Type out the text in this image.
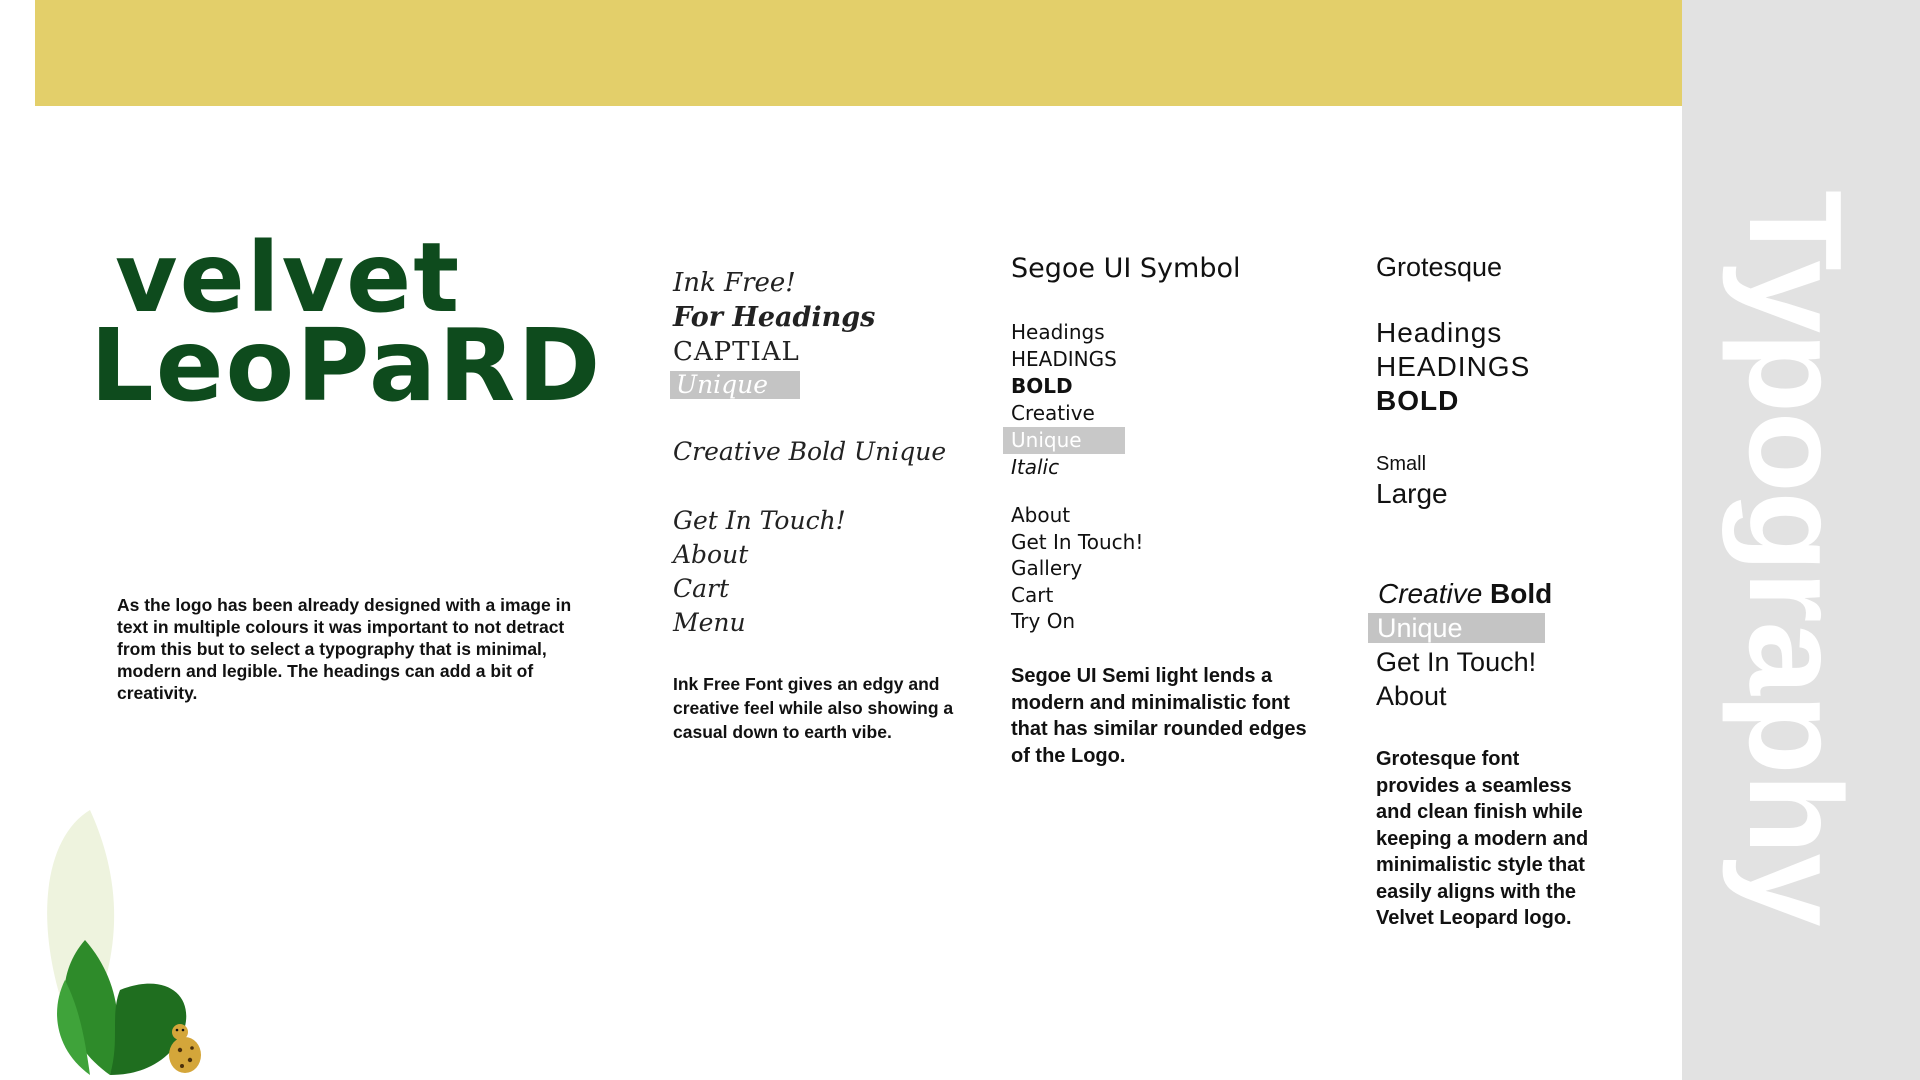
Typography
velvet
LeoPaRD
As the logo has been already designed with a image in text in multiple colours it was important to not detract from this but to select a typography that is minimal, modern and legible. The headings can add a bit of creativity.
Ink Free!
For Headings
CAPTIAL
Unique
Creative Bold Unique
Get In Touch!
About
Cart
Menu
Ink Free Font gives an edgy and creative feel while also showing a casual down to earth vibe.
Segoe UI Symbol
Headings
HEADINGS
BOLD
Creative
Unique
Italic
About
Get In Touch!
Gallery
Cart
Try On
Segoe UI Semi light lends a modern and minimalistic font that has similar rounded edges of the Logo.
Grotesque
Headings
HEADINGS
BOLD
Small
Large
Creative Bold
Unique
Get In Touch!
About
Grotesque font provides a seamless and clean finish while keeping a modern and minimalistic style that easily aligns with the Velvet Leopard logo.
